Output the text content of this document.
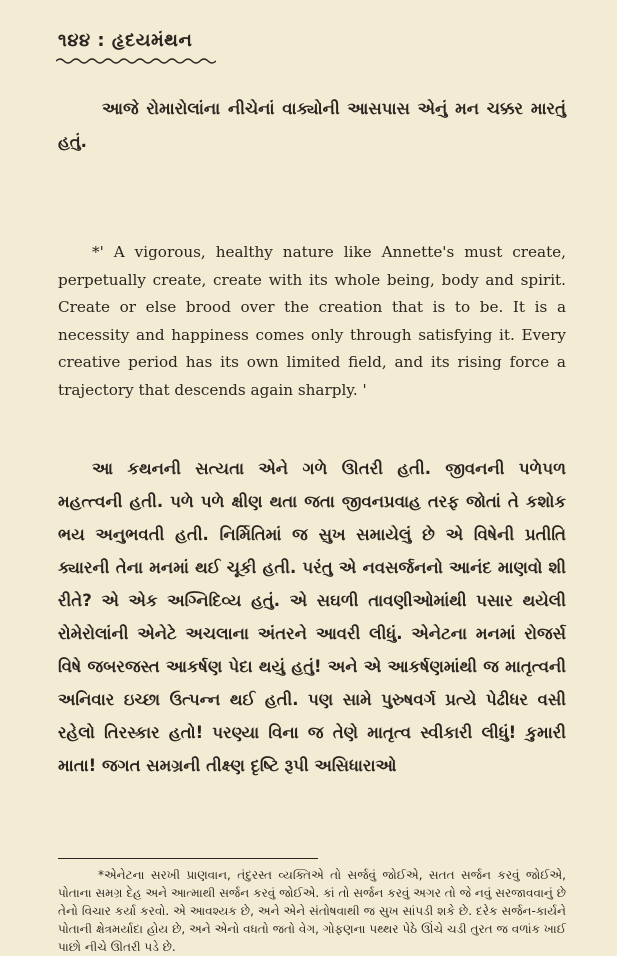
૧૪૪ : હૃદયમંથન

આજે રોમારોલાંના નીચેનાં વાક્યોની આસપાસ એનું મન ચક્કર મારતું હતું.

*' A vigorous, healthy nature like Annette's must create, perpetually create, create with its whole being, body and spirit. Create or else brood over the creation that is to be. It is a necessity and happiness comes only through satisfying it. Every creative period has its own limited field, and its rising force a trajectory that descends again sharply. '

આ કથનની સત્યતા એને ગળે ઊતરી હતી. જીવનની પળેપળ મહત્ત્વની હતી. પળે પળે ક્ષીણ થતા જતા જીવનપ્રવાહ તરફ જોતાં તે કશોક ભય અનુભવતી હતી. નિર્મિતિમાં જ સુખ સમાયેલું છે એ વિષેની પ્રતીતિ ક્યારની તેના મનમાં થઈ ચૂકી હતી. પરંતુ એ નવસર્જનનો આનંદ માણવો શી રીતે? એ એક અગ્નિદિવ્ય હતું. એ સઘળી તાવણીઓમાંથી પસાર થયેલી રોમેરોલાંની એનેટે અચલાના અંતરને આવરી લીધું. એનેટના મનમાં રોજર્સ વિષે જબરજસ્ત આકર્ષણ પેદા થયું હતું! અને એ આકર્ષણમાંથી જ માતૃત્વની અનિવાર ઇચ્છા ઉત્પન્ન થઈ હતી. પણ સામે પુરુષવર્ગ પ્રત્યે પેઢીધર વસી રહેલો તિરસ્કાર હતો! પરણ્યા વિના જ તેણે માતૃત્વ સ્વીકારી લીધું! કુમારી માતા! જગત સમગ્રની તીક્ષ્ણ દૃષ્ટિ રૂપી અસિધારાઓ

*એનેટના સરખી પ્રાણવાન, તંદુરસ્ત વ્યક્તિએ તો સર્જવું જોઈએ, સતત સર્જન કરવું જોઈએ, પોતાના સમગ્ર દેહ અને આત્માથી સર્જન કરવું જોઈએ. કાં તો સર્જન કરવું અગર તો જે નવું સરજાવવાનું છે તેનો વિચાર કર્યા કરવો. એ આવશ્યક છે, અને એને સંતોષવાથી જ સુખ સાંપડી શકે છે. દરેક સર્જન-કાર્યને પોતાની ક્ષેત્રમર્યાદા હોય છે, અને એનો વધતો જતો વેગ, ગોફણના પથ્થર પેઠે ઊંચે ચડી તુરત જ વળાંક ખાઈ પાછો નીચે ઊતરી પડે છે.
